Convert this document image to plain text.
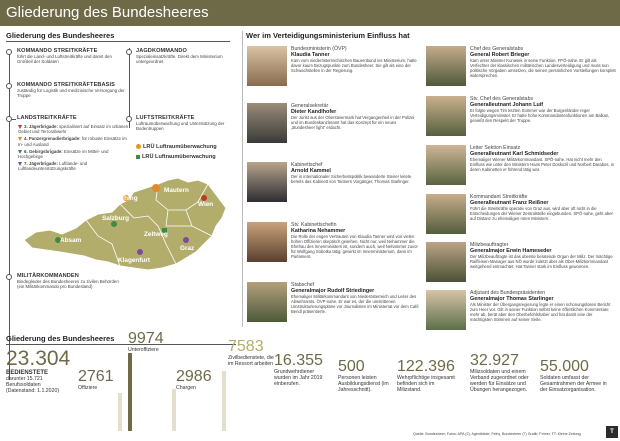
Gliederung des Bundesheeres
Gliederung des Bundesheeres
KOMMANDO STREITKRÄFTE
führt die Land- und Luftstreitkräfte und damit den Großteil der Soldaten
KOMMANDO STREITKRÄFTEBASIS
zuständig für Logistik und medizinische Versorgung der Truppe
LANDSTREITKRÄFTE
3. Jägerbrigade: spezialisiert auf Einsatz im urbanen Gebiet und Terrorabwehr
4. Panzergrenadierbrigade: für robuste Einsätze im In- und Ausland
6. Gebirgsbrigade: Einsätze im Mittel- und Hochgebirge
7. Jägerbrigade: Luftlande- und Luftlandeunterstützungskräfte
JAGDKOMMANDO
Spezialeinsatzkräfte. Direkt dem Ministerium untergeordnet
LUFTSTREITKRÄFTE
Luftraumüberwachung und Unterstützung der Bodentruppen
LRÜ Luftraumüberwachung
LRÜ Luftraumüberwachung
Mautern
Hörsching
Wien
Salzburg
Absam
Zeltweg
Klagenfurt
Graz
MILITÄRKOMMANDEN
Bindeglieder des Bundesheeres zu zivilen Behörden (ein Militärkommando pro Bundesland)
Wer im Verteidigungsministerium Einfluss hat
Bundesministerin (ÖVP)
Klaudia Tanner
Kam vom niederösterreichischen Bauernbund ins Ministerium, hatte davor kaum Bezugspunkte zum Bundesheer. Sie gilt als eine der Schwachstellen in der Regierung.
Generalsekretär
Dieter Kandlhofer
Der Jurist aus der Obersteiermark hat Vergangenheit in der Polizei und im Bundeskanzleramt hat das Konzept für ein neues „Bundesheer light“ erdacht.
Kabinettschef
Arnold Kammel
Der in internationaler Sicherheitspolitik bewanderte Steirer leitete bereits das Kabinett von Tanners Vorgänger, Thomas Starlinger.
Stv. Kabinettschefin
Katharina Nehammer
Die Rolle der engen Vertrauten von Klaudia Tanner wird von vielen hohen Offizieren skeptisch gesehen. Nicht nur, weil Nehammer die Ehefrau des Innenministers ist, sondern auch, weil Nehammer zuvor für Wolfgang Sobotka tätig, gewirkt im Innenministerium, dann im Parlament.
Stabschef
Generalmajor Rudolf Striedinger
Ehemaliger Militärkommandant von Niederösterreich und Leiter des Abwehramts. ÖVP-nahe. Er war es, der die umstrittenen Umstrukturierungspläne vor Journalisten im Ministerrat vor dem Café Bendl präsentierte.
Chef des Generalstabs
General Robert Brieger
Kam unter Minister Kunasek in seine Funktion. FPÖ-nahe. Er gilt als Verfechter der klassischen militärischen Landesverteidigung und muss nun politische Vorgaben umsetzen, die seinen persönlichen Vorstellungen komplett widersprechen.
Stv. Chef des Generalstabs
Generalleutnant Johann Luif
Er folgte wegen Tim letzten Sommer war der Burgenländer reger Verteidigungsminister. Er hatte hohe Kommandantenfunktionen am Balkan, genießt den Respekt der Truppe.
Leiter Sektion Einsatz
Generalleutnant Karl Schmidseder
Ehemaliger Wiener Militärkommandant. SPÖ-nahe. Hat nicht mehr den Einfluss wie unter den Ministern Hans Peter Doskozil und Norbert Darabos, in deren Kabinetten er führend tätig war.
Kommandant Streitkräfte
Generalleutnant Franz Reißner
Führt die Streitkräfte operativ von Graz aus, wird aber oft nicht in die Entscheidungen der Wiener Zentralstelle eingebunden. SPÖ-nahe, geht aber auf Distanz zu ehemaligen roten Ministern.
Milizbeauftragter
Generalmajor Erwin Hameseder
Der Milizbeauftragte ist das oberste beratende Organ der Miliz. Der mächtige Raiffeisen-Manager aus NÖ wurde zuletzt aber als Ober-Milizkommandant weitgehend entmachtet. Hat Tanner stark im Einfluss gewonnen.
Adjutant des Bundespräsidenten
Generalmajor Thomas Starlinger
Als Minister der Übergangsregierung legte er einen schonungslosen Bericht zum Heer vor. Gilt in seiner Funktion selbst keine öffentlichen Kommentare mehr ab, berät aber den Oberbefehlshaber und hat damit eine der mächtigsten Stimmen auf seiner Seite.
Gliederung des Bundesheeres
23.304
BEDIENSTETE
darunter 15.721 Berufssoldaten (Datenstand: 1.1.2020)
2761
Offiziere
9974
Unteroffiziere
2986
Chargen
7583
Zivilbedienstete, die im Ressort arbeiten 16.355
Grundwehrdiener wurden im Jahr 2019 einberufen.
500
Personen leisten Ausbildungsdienst (im Jahresschnitt).
122.396
Wehrpflichtige insgesamt befinden sich im Milizstand.
32.927
Milizsoldaten und einem Verband zugeordnet oder werden für Einsätze und Übungen herangezogen.
55.000
Soldaten umfasst der Gesamtrahmen der Armee in der Einsatzorganisation.
Quelle: Bundesheer; Fotos: APA (2), Agentbilder, Felny, Bundesheer (7) Grafik: Primer, TT: Kleine Zeitung	T
